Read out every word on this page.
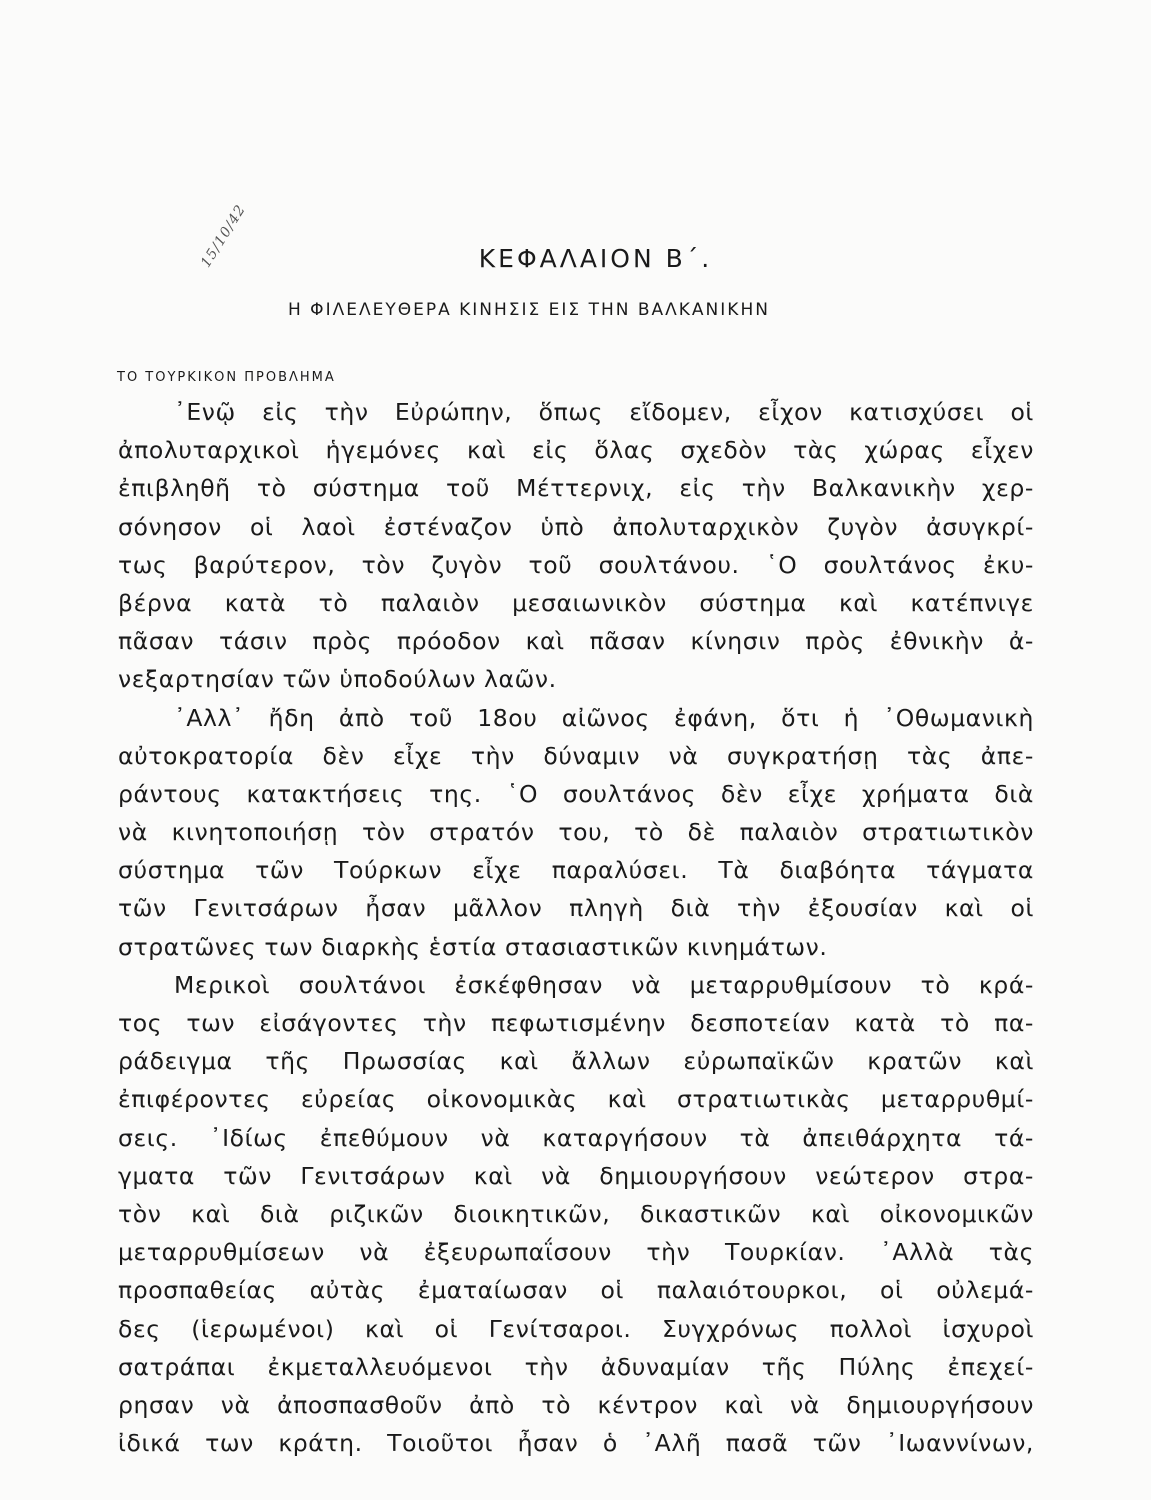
15/10/42	ΚΕΦΑΛΑΙΟΝ Β΄.
Η ΦΙΛΕΛΕΥΘΕΡΑ ΚΙΝΗΣΙΣ ΕΙΣ ΤΗΝ ΒΑΛΚΑΝΙΚΗΝ
ΤΟ ΤΟΥΡΚΙΚΟΝ ΠΡΟΒΛΗΜΑ
᾿Ενῷ εἰς τὴν Εὐρώπην, ὅπως εἴδομεν, εἶχον κατισχύσει οἱ
ἀπολυταρχικοὶ ἡγεμόνες καὶ εἰς ὅλας σχεδὸν τὰς χώρας εἶχεν
ἐπιβληθῆ τὸ σύστημα τοῦ Μέττερνιχ, εἰς τὴν Βαλκανικὴν χερ-
σόνησον οἱ λαοὶ ἐστέναζον ὑπὸ ἀπολυταρχικὸν ζυγὸν ἀσυγκρί-
τως βαρύτερον, τὸν ζυγὸν τοῦ σουλτάνου. ῾Ο σουλτάνος ἐκυ-
βέρνα κατὰ τὸ παλαιὸν μεσαιωνικὸν σύστημα καὶ κατέπνιγε
πᾶσαν τάσιν πρὸς πρόοδον καὶ πᾶσαν κίνησιν πρὸς ἐθνικὴν ἀ-
νεξαρτησίαν τῶν ὑποδούλων λαῶν.
᾿Αλλ᾿ ἤδη ἀπὸ τοῦ 18ου αἰῶνος ἐφάνη, ὅτι ἡ ᾿Οθωμανικὴ
αὐτοκρατορία δὲν εἶχε τὴν δύναμιν νὰ συγκρατήσῃ τὰς ἀπε-
ράντους κατακτήσεις της. ῾Ο σουλτάνος δὲν εἶχε χρήματα διὰ
νὰ κινητοποιήσῃ τὸν στρατόν του, τὸ δὲ παλαιὸν στρατιωτικὸν
σύστημα τῶν Τούρκων εἶχε παραλύσει. Τὰ διαβόητα τάγματα
τῶν Γενιτσάρων ἦσαν μᾶλλον πληγὴ διὰ τὴν ἐξουσίαν καὶ οἱ
στρατῶνες των διαρκὴς ἑστία στασιαστικῶν κινημάτων.
Μερικοὶ σουλτάνοι ἐσκέφθησαν νὰ μεταρρυθμίσουν τὸ κρά-
τος των εἰσάγοντες τὴν πεφωτισμένην δεσποτείαν κατὰ τὸ πα-
ράδειγμα τῆς Πρωσσίας καὶ ἄλλων εὐρωπαϊκῶν κρατῶν καὶ
ἐπιφέροντες εὐρείας οἰκονομικὰς καὶ στρατιωτικὰς μεταρρυθμί-
σεις. ᾿Ιδίως ἐπεθύμουν νὰ καταργήσουν τὰ ἀπειθάρχητα τά-
γματα τῶν Γενιτσάρων καὶ νὰ δημιουργήσουν νεώτερον στρα-
τὸν καὶ διὰ ριζικῶν διοικητικῶν, δικαστικῶν καὶ οἰκονομικῶν
μεταρρυθμίσεων νὰ ἐξευρωπαΐσουν τὴν Τουρκίαν. ᾿Αλλὰ τὰς
προσπαθείας αὐτὰς ἐματαίωσαν οἱ παλαιότουρκοι, οἱ οὐλεμά-
δες (ἱερωμένοι) καὶ οἱ Γενίτσαροι. Συγχρόνως πολλοὶ ἰσχυροὶ
σατράπαι ἐκμεταλλευόμενοι τὴν ἀδυναμίαν τῆς Πύλης ἐπεχεί-
ρησαν νὰ ἀποσπασθοῦν ἀπὸ τὸ κέντρον καὶ νὰ δημιουργήσουν
ἰδικά των κράτη. Τοιοῦτοι ἦσαν ὁ ᾿Αλῆ πασᾶ τῶν ᾿Ιωαννίνων,
